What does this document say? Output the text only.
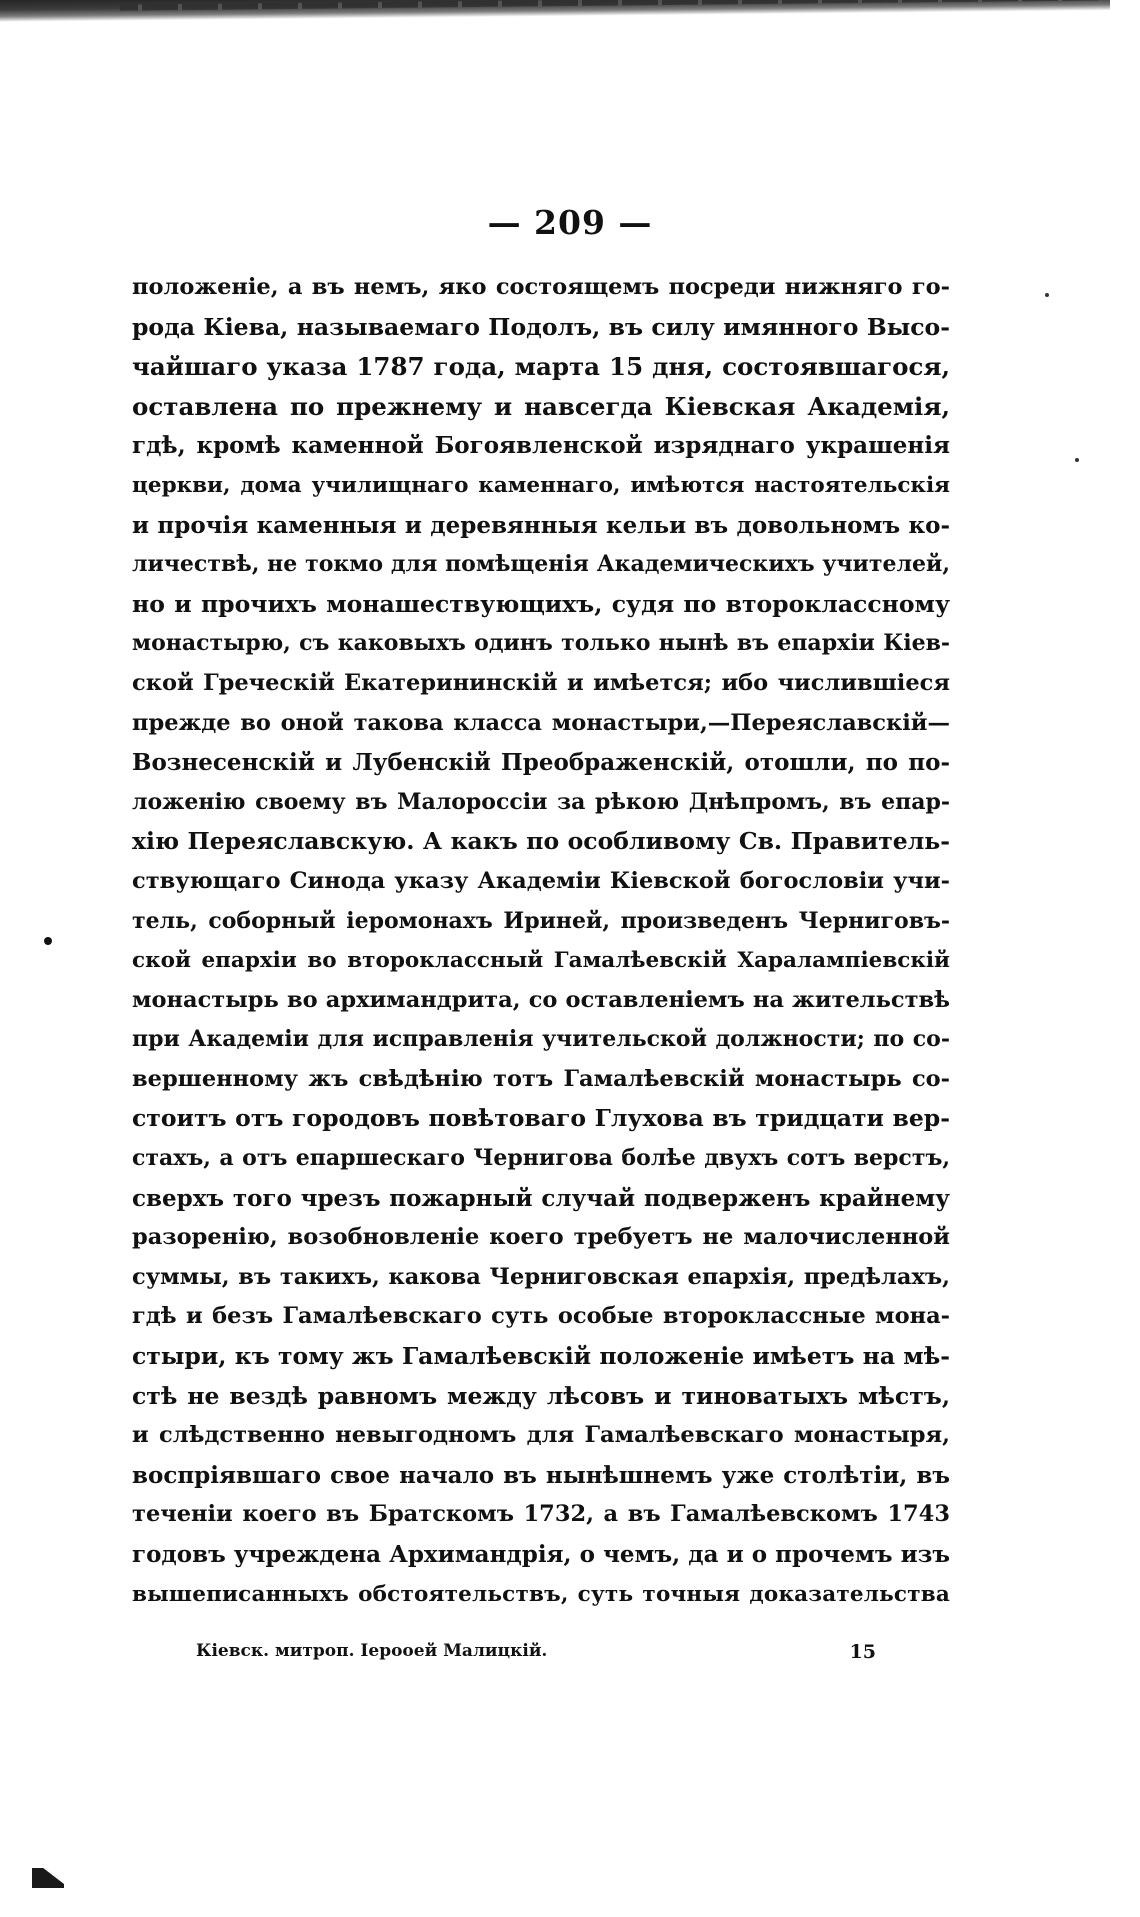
— 209 —
положеніе, а въ немъ, яко состоящемъ посреди нижняго го-
рода Кіева, называемаго Подолъ, въ силу имянного Высо-
чайшаго указа 1787 года, марта 15 дня, состоявшагося,
оставлена по прежнему и навсегда Кіевская Академія,
гдѣ, кромѣ каменной Богоявленской изряднаго украшенія
церкви, дома училищнаго каменнаго, имѣются настоятельскія
и прочія каменныя и деревянныя кельи въ довольномъ ко-
личествѣ, не токмо для помѣщенія Академическихъ учителей,
но и прочихъ монашествующихъ, судя по второклассному
монастырю, съ каковыхъ одинъ только нынѣ въ епархіи Кіев-
ской Греческій Екатерининскій и имѣется; ибо числившіеся
прежде во оной такова класса монастыри,—Переяславскій—
Вознесенскій и Лубенскій Преображенскій, отошли, по по-
ложенію своему въ Малороссіи за рѣкою Днѣпромъ, въ епар-
хію Переяславскую. А какъ по особливому Св. Правитель-
ствующаго Синода указу Академіи Кіевской богословіи учи-
тель, соборный іеромонахъ Ириней, произведенъ Черниговъ-
ской епархіи во второклассный Гамалѣевскій Харалампіевскій
монастырь во архимандрита, со оставленіемъ на жительствѣ
при Академіи для исправленія учительской должности; по со-
вершенному жъ свѣдѣнію тотъ Гамалѣевскій монастырь со-
стоитъ отъ городовъ повѣтоваго Глухова въ тридцати вер-
стахъ, а отъ епаршескаго Чернигова болѣе двухъ сотъ верстъ,
сверхъ того чрезъ пожарный случай подверженъ крайнему
разоренію, возобновленіе коего требуетъ не малочисленной
суммы, въ такихъ, какова Черниговская епархія, предѣлахъ,
гдѣ и безъ Гамалѣевскаго суть особые второклассные мона-
стыри, къ тому жъ Гамалѣевскій положеніе имѣетъ на мѣ-
стѣ не вездѣ равномъ между лѣсовъ и тиноватыхъ мѣстъ,
и слѣдственно невыгодномъ для Гамалѣевскаго монастыря,
воспріявшаго свое начало въ нынѣшнемъ уже столѣтіи, въ
теченіи коего въ Братскомъ 1732, а въ Гамалѣевскомъ 1743
годовъ учреждена Архимандрія, о чемъ, да и о прочемъ изъ
вышеписанныхъ обстоятельствъ, суть точныя доказательства
Кіевск. митроп. Іерооей Малицкій.	15
